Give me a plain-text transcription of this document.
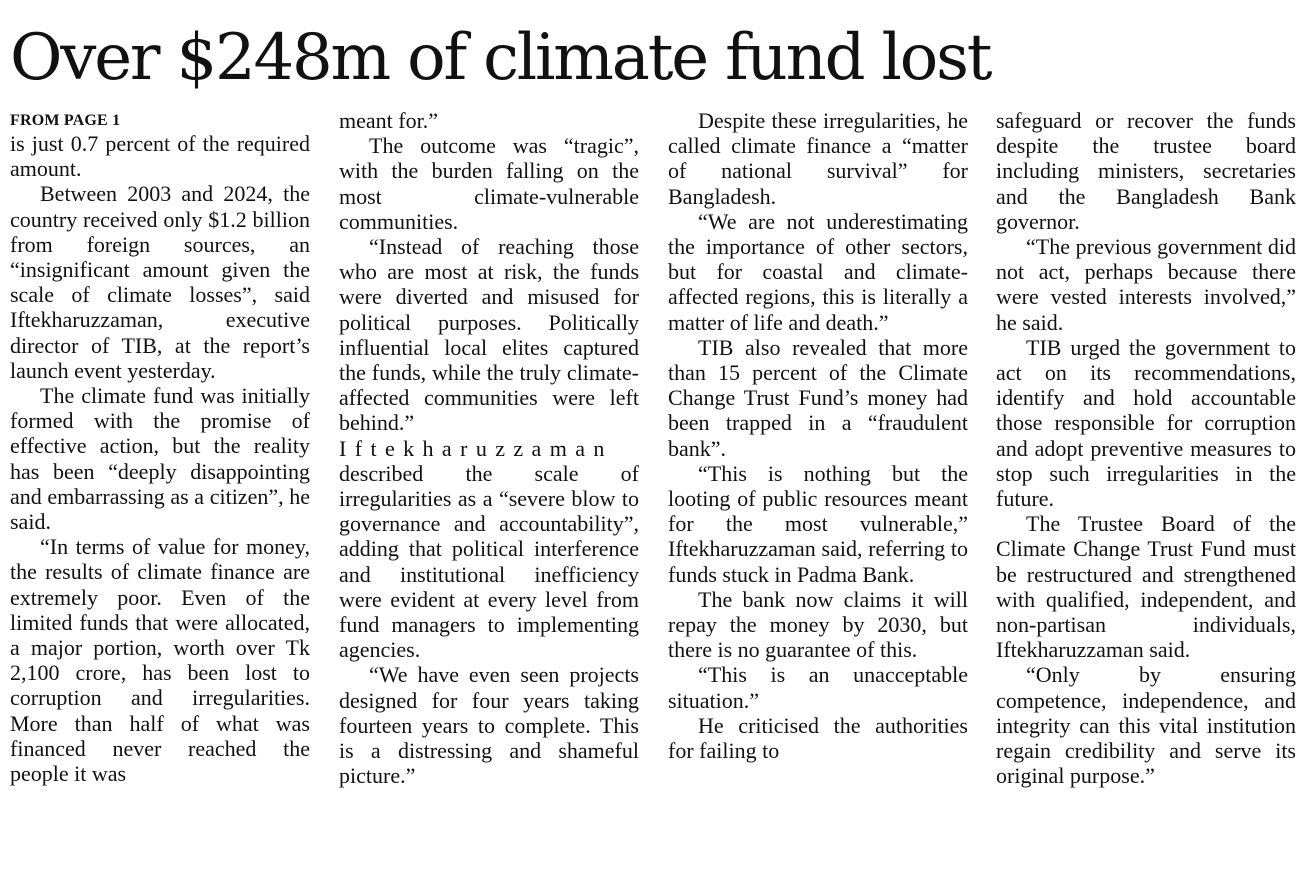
Over $248m of climate fund lost
FROM PAGE 1

is just 0.7 percent of the required amount.

Between 2003 and 2024, the country received only $1.2 billion from foreign sources, an “insignificant amount given the scale of climate losses”, said Iftekharuzzaman, executive director of TIB, at the report’s launch event yesterday.

The climate fund was initially formed with the promise of effective action, but the reality has been “deeply disappointing and embarrassing as a citizen”, he said.

“In terms of value for money, the results of climate finance are extremely poor. Even of the limited funds that were allocated, a major portion, worth over Tk 2,100 crore, has been lost to corruption and irregularities. More than half of what was financed never reached the people it was

meant for.”

The outcome was “tragic”, with the burden falling on the most climate-vulnerable communities.

“Instead of reaching those who are most at risk, the funds were diverted and misused for political purposes. Politically influential local elites captured the funds, while the truly climate-affected communities were left behind.”

Iftekharuzzaman

described the scale of irregularities as a “severe blow to governance and accountability”, adding that political interference and institutional inefficiency were evident at every level from fund managers to implementing agencies.

“We have even seen projects designed for four years taking fourteen years to complete. This is a distressing and shameful picture.”

Despite these irregularities, he called climate finance a “matter of national survival” for Bangladesh.

“We are not underestimating the importance of other sectors, but for coastal and climate-affected regions, this is literally a matter of life and death.”

TIB also revealed that more than 15 percent of the Climate Change Trust Fund’s money had been trapped in a “fraudulent bank”.

“This is nothing but the looting of public resources meant for the most vulnerable,” Iftekharuzzaman said, referring to funds stuck in Padma Bank.

The bank now claims it will repay the money by 2030, but there is no guarantee of this.

“This is an unacceptable situation.”

He criticised the authorities for failing to

safeguard or recover the funds despite the trustee board including ministers, secretaries and the Bangladesh Bank governor.

“The previous government did not act, perhaps because there were vested interests involved,” he said.

TIB urged the government to act on its recommendations, identify and hold accountable those responsible for corruption and adopt preventive measures to stop such irregularities in the future.

The Trustee Board of the Climate Change Trust Fund must be restructured and strengthened with qualified, independent, and non-partisan individuals, Iftekharuzzaman said.

“Only by ensuring competence, independence, and integrity can this vital institution regain credibility and serve its original purpose.”
